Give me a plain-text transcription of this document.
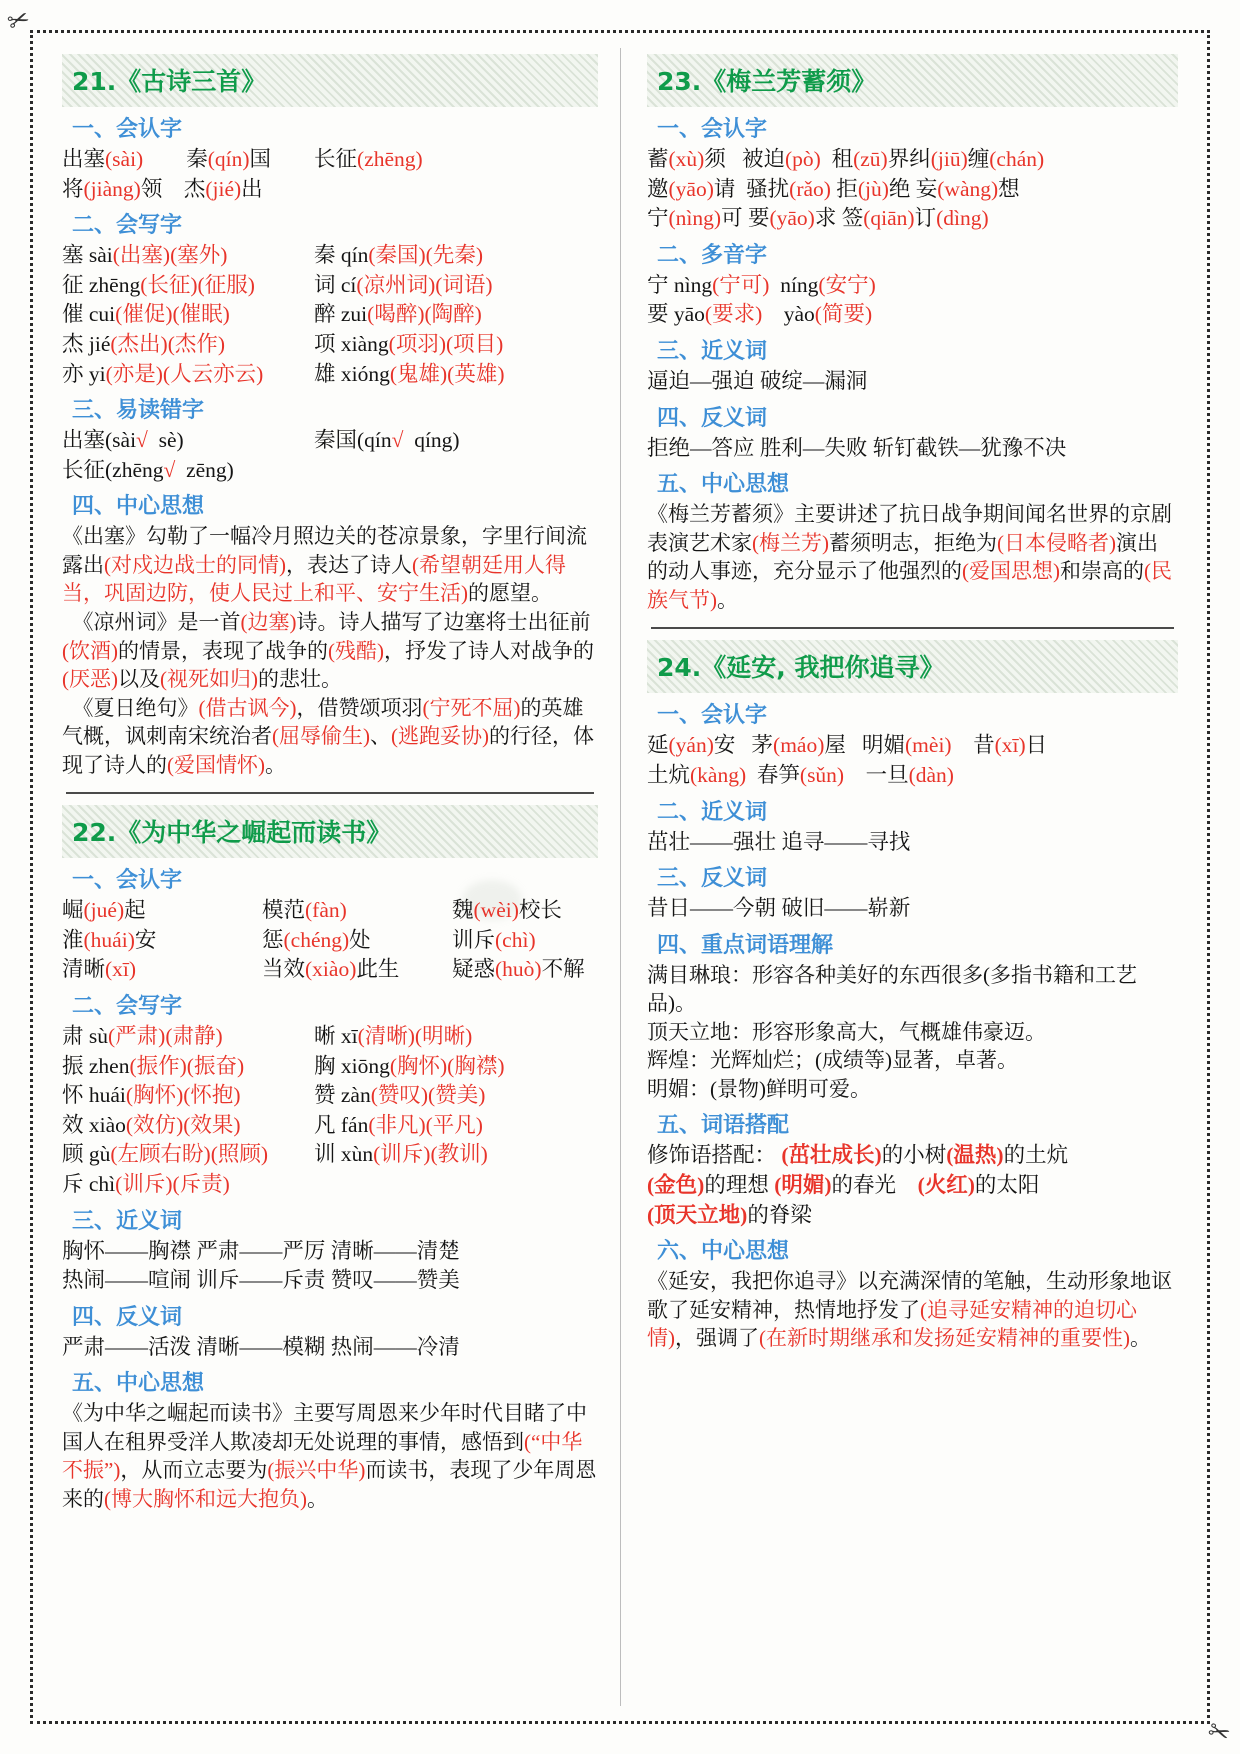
✂
✂
21.《古诗三首》
一、会认字
出塞(sài)        秦(qín)国        长征(zhēng)
将(jiàng)领    杰(jié)出
二、会写字
塞 sài(出塞)(塞外)	秦 qín(秦国)(先秦)
征 zhēng(长征)(征服)	词 cí(凉州词)(词语)
催 cui(催促)(催眠)	醉 zui(喝醉)(陶醉)
杰 jié(杰出)(杰作)	项 xiàng(项羽)(项目)
亦 yi(亦是)(人云亦云)	雄 xióng(鬼雄)(英雄)
三、易读错字
出塞(sài√  sè)	秦国(qín√  qíng)
长征(zhēng√  zēng)
四、中心思想

《出塞》勾勒了一幅冷月照边关的苍凉景象，字里行间流露出(对戍边战士的同情)，表达了诗人(希望朝廷用人得当，巩固边防，使人民过上和平、安宁生活)的愿望。

　《凉州词》是一首(边塞)诗。诗人描写了边塞将士出征前(饮酒)的情景，表现了战争的(残酷)，抒发了诗人对战争的(厌恶)以及(视死如归)的悲壮。

　《夏日绝句》(借古讽今)，借赞颂项羽(宁死不屈)的英雄气概，讽刺南宋统治者(屈辱偷生)、(逃跑妥协)的行径，体现了诗人的(爱国情怀)。

22.《为中华之崛起而读书》
一、会认字
崛(jué)起	模范(fàn)	魏(wèi)校长
淮(huái)安	惩(chéng)处	训斥(chì)
清晰(xī)	当效(xiào)此生	疑惑(huò)不解
二、会写字
肃 sù(严肃)(肃静)	晰 xī(清晰)(明晰)
振 zhen(振作)(振奋)	胸 xiōng(胸怀)(胸襟)
怀 huái(胸怀)(怀抱)	赞 zàn(赞叹)(赞美)
效 xiào(效仿)(效果)	凡 fán(非凡)(平凡)
顾 gù(左顾右盼)(照顾)	训 xùn(训斥)(教训)
斥 chì(训斥)(斥责)
三、近义词
胸怀——胸襟 严肃——严厉 清晰——清楚
热闹——喧闹 训斥——斥责 赞叹——赞美
四、反义词
严肃——活泼 清晰——模糊 热闹——冷清
五、中心思想

《为中华之崛起而读书》主要写周恩来少年时代目睹了中国人在租界受洋人欺凌却无处说理的事情，感悟到(“中华不振”)，从而立志要为(振兴中华)而读书，表现了少年周恩来的(博大胸怀和远大抱负)。

23.《梅兰芳蓄须》
一、会认字
蓄(xù)须   被迫(pò)  租(zū)界纠(jiū)缠(chán)
邀(yāo)请  骚扰(rǎo) 拒(jù)绝 妄(wàng)想
宁(nìng)可 要(yāo)求 签(qiān)订(dìng)
二、多音字
宁 nìng(宁可)  níng(安宁)
要 yāo(要求)    yào(简要)
三、近义词
逼迫—强迫 破绽—漏洞
四、反义词
拒绝—答应 胜利—失败 斩钉截铁—犹豫不决
五、中心思想

《梅兰芳蓄须》主要讲述了抗日战争期间闻名世界的京剧表演艺术家(梅兰芳)蓄须明志，拒绝为(日本侵略者)演出的动人事迹，充分显示了他强烈的(爱国思想)和崇高的(民族气节)。

24.《延安, 我把你追寻》
一、会认字
延(yán)安   茅(máo)屋   明媚(mèi)    昔(xī)日
土炕(kàng)  春笋(sǔn)    一旦(dàn)
二、近义词
茁壮——强壮 追寻——寻找
三、反义词
昔日——今朝 破旧——崭新
四、重点词语理解

满目琳琅：形容各种美好的东西很多(多指书籍和工艺品)。

顶天立地：形容形象高大，气概雄伟豪迈。

辉煌：光辉灿烂；(成绩等)显著，卓著。

明媚：(景物)鲜明可爱。

五、词语搭配
修饰语搭配： (茁壮成长)的小树(温热)的土炕
(金色)的理想 (明媚)的春光    (火红)的太阳
(顶天立地)的脊梁
六、中心思想

《延安，我把你追寻》以充满深情的笔触，生动形象地讴歌了延安精神，热情地抒发了(追寻延安精神的迫切心情)，强调了(在新时期继承和发扬延安精神的重要性)。
